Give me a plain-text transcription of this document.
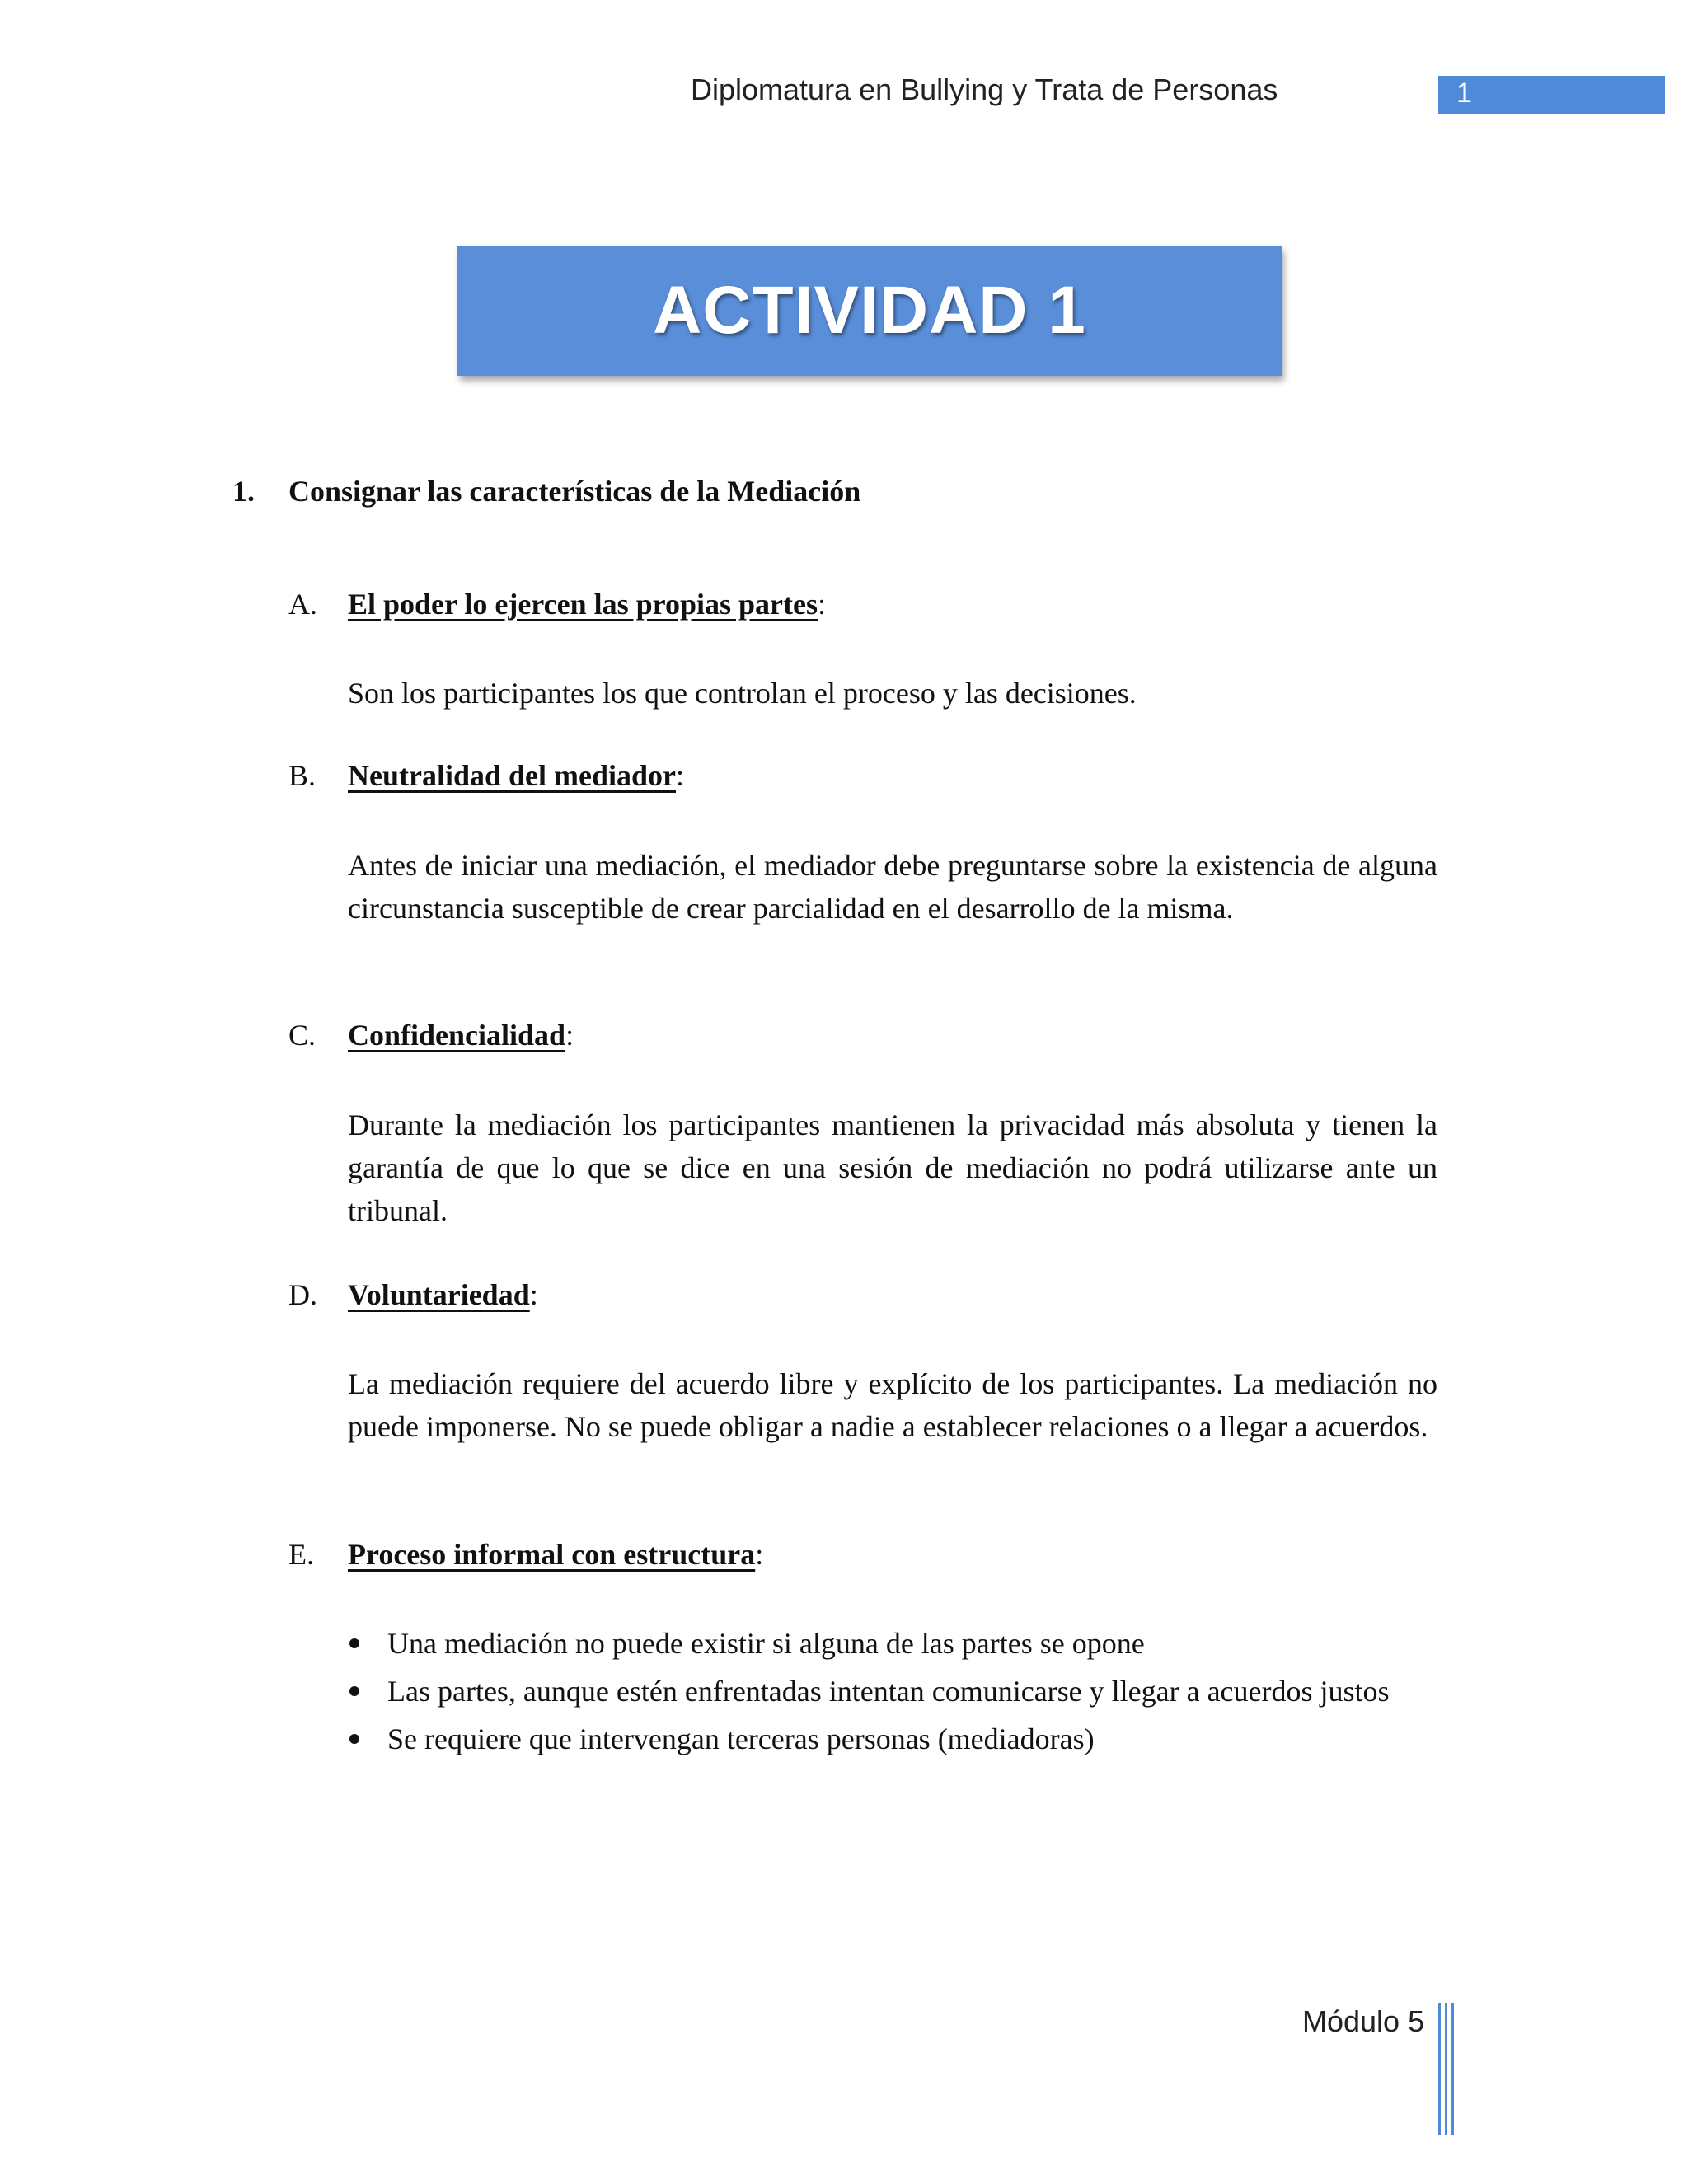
Diplomatura en Bullying y Trata de Personas	1
ACTIVIDAD 1
1. Consignar las características de la Mediación
A. El poder lo ejercen las propias partes:
Son los participantes los que controlan el proceso y las decisiones.
B. Neutralidad del mediador:
Antes de iniciar una mediación, el mediador debe preguntarse sobre la existencia de alguna circunstancia susceptible de crear parcialidad en el desarrollo de la misma.
C. Confidencialidad:
Durante la mediación los participantes mantienen la privacidad más absoluta y tienen la garantía de que lo que se dice en una sesión de mediación no podrá utilizarse ante un tribunal.
D. Voluntariedad:
La mediación requiere del acuerdo libre y explícito de los participantes. La mediación no puede imponerse. No se puede obligar a nadie a establecer relaciones o a llegar a acuerdos.
E. Proceso informal con estructura:
Una mediación no puede existir si alguna de las partes se opone
Las partes, aunque estén enfrentadas intentan comunicarse y llegar a acuerdos justos
Se requiere que intervengan terceras personas (mediadoras)
Módulo 5
